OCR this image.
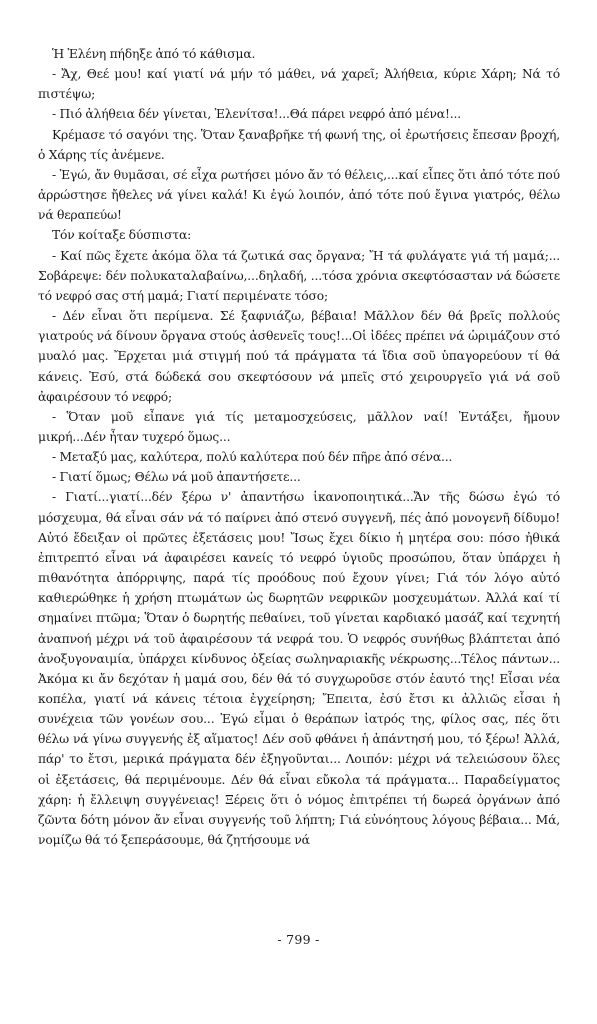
Ἡ Ἑλένη πήδηξε ἀπό τό κάθισμα.

- Ἄχ, Θεέ μου! καί γιατί νά μήν τό μάθει, νά χαρεῖ; Ἀλήθεια, κύριε Χάρη; Νά τό πιστέψω;

- Πιό ἀλήθεια δέν γίνεται, Ἑλενίτσα!...Θά πάρει νεφρό ἀπό μένα!...

Κρέμασε τό σαγόνι της. Ὅταν ξαναβρῆκε τή φωνή της, οἱ ἐρωτήσεις ἔπεσαν βροχή, ὁ Χάρης τίς ἀνέμενε.

- Ἐγώ, ἄν θυμᾶσαι, σέ εἶχα ρωτήσει μόνο ἄν τό θέλεις,...καί εἶπες ὅτι ἀπό τότε πού ἀρρώστησε ἤθελες νά γίνει καλά! Κι ἐγώ λοιπόν, ἀπό τότε πού ἔγινα γιατρός, θέλω νά θεραπεύω!

Τόν κοίταξε δύσπιστα:

- Καί πῶς ἔχετε ἀκόμα ὅλα τά ζωτικά σας ὄργανα; Ἤ τά φυλάγατε γιά τή μαμά;... Σοβάρεψε: δέν πολυκαταλαβαίνω,...δηλαδή, ...τόσα χρόνια σκεφτόσασταν νά δώσετε τό νεφρό σας στή μαμά; Γιατί περιμένατε τόσο;

- Δέν εἶναι ὅτι περίμενα. Σέ ξαφνιάζω, βέβαια! Μᾶλλον δέν θά βρεῖς πολλούς γιατρούς νά δίνουν ὄργανα στούς ἀσθενεῖς τους!...Οἱ ἰδέες πρέπει νά ὡριμάζουν στό μυαλό μας. Ἔρχεται μιά στιγμή πού τά πράγματα τά ἴδια σοῦ ὑπαγορεύουν τί θά κάνεις. Ἐσύ, στά δώδεκά σου σκεφτόσουν νά μπεῖς στό χειρουργεῖο γιά νά σοῦ ἀφαιρέσουν τό νεφρό;

- Ὅταν μοῦ εἶπανε γιά τίς μεταμοσχεύσεις, μᾶλλον ναί! Ἐντάξει, ἤμουν μικρή...Δέν ἦταν τυχερό ὅμως...

- Μεταξύ μας, καλύτερα, πολύ καλύτερα πού δέν πῆρε ἀπό σένα...

- Γιατί ὅμως; Θέλω νά μοῦ ἀπαντήσετε...

- Γιατί...γιατί...δέν ξέρω ν' ἀπαντήσω ἱκανοποιητικά...Ἄν τῆς δώσω ἐγώ τό μόσχευμα, θά εἶναι σάν νά τό παίρνει ἀπό στενό συγγενῆ, πές ἀπό μονογενῆ δίδυμο! Αὐτό ἔδειξαν οἱ πρῶτες ἐξετάσεις μου! Ἴσως ἔχει δίκιο ἡ μητέρα σου: πόσο ἠθικά ἐπιτρεπτό εἶναι νά ἀφαιρέσει κανείς τό νεφρό ὑγιοῦς προσώπου, ὅταν ὑπάρχει ἡ πιθανότητα ἀπόρριψης, παρά τίς προόδους πού ἔχουν γίνει; Γιά τόν λόγο αὐτό καθιερώθηκε ἡ χρήση πτωμάτων ὡς δωρητῶν νεφρικῶν μοσχευμάτων. Ἀλλά καί τί σημαίνει πτῶμα; Ὅταν ὁ δωρητής πεθαίνει, τοῦ γίνεται καρδιακό μασάζ καί τεχνητή ἀναπνοή μέχρι νά τοῦ ἀφαιρέσουν τά νεφρά του. Ὁ νεφρός συνήθως βλάπτεται ἀπό ἀνοξυγοναιμία, ὑπάρχει κίνδυνος ὀξείας σωληναριακῆς νέκρωσης...Τέλος πάντων... Ἀκόμα κι ἄν δεχόταν ἡ μαμά σου, δέν θά τό συγχωροῦσε στόν ἑαυτό της! Εἶσαι νέα κοπέλα, γιατί νά κάνεις τέτοια ἐγχείρηση; Ἔπειτα, ἐσύ ἔτσι κι ἀλλιῶς εἶσαι ἡ συνέχεια τῶν γονέων σου... Ἐγώ εἶμαι ὁ θεράπων ἰατρός της, φίλος σας, πές ὅτι θέλω νά γίνω συγγενής ἐξ αἵματος! Δέν σοῦ φθάνει ἡ ἀπάντησή μου, τό ξέρω! Ἀλλά, πάρ' το ἔτσι, μερικά πράγματα δέν ἐξηγοῦνται... Λοιπόν: μέχρι νά τελειώσουν ὅλες οἱ ἐξετάσεις, θά περιμένουμε. Δέν θά εἶναι εὔκολα τά πράγματα... Παραδείγματος χάρη: ἡ ἔλλειψη συγγένειας! Ξέρεις ὅτι ὁ νόμος ἐπιτρέπει τή δωρεά ὀργάνων ἀπό ζῶντα δότη μόνον ἄν εἶναι συγγενής τοῦ λήπτη; Γιά εὐνόητους λόγους βέβαια... Μά, νομίζω θά τό ξεπεράσουμε, θά ζητήσουμε νά

- 799 -
